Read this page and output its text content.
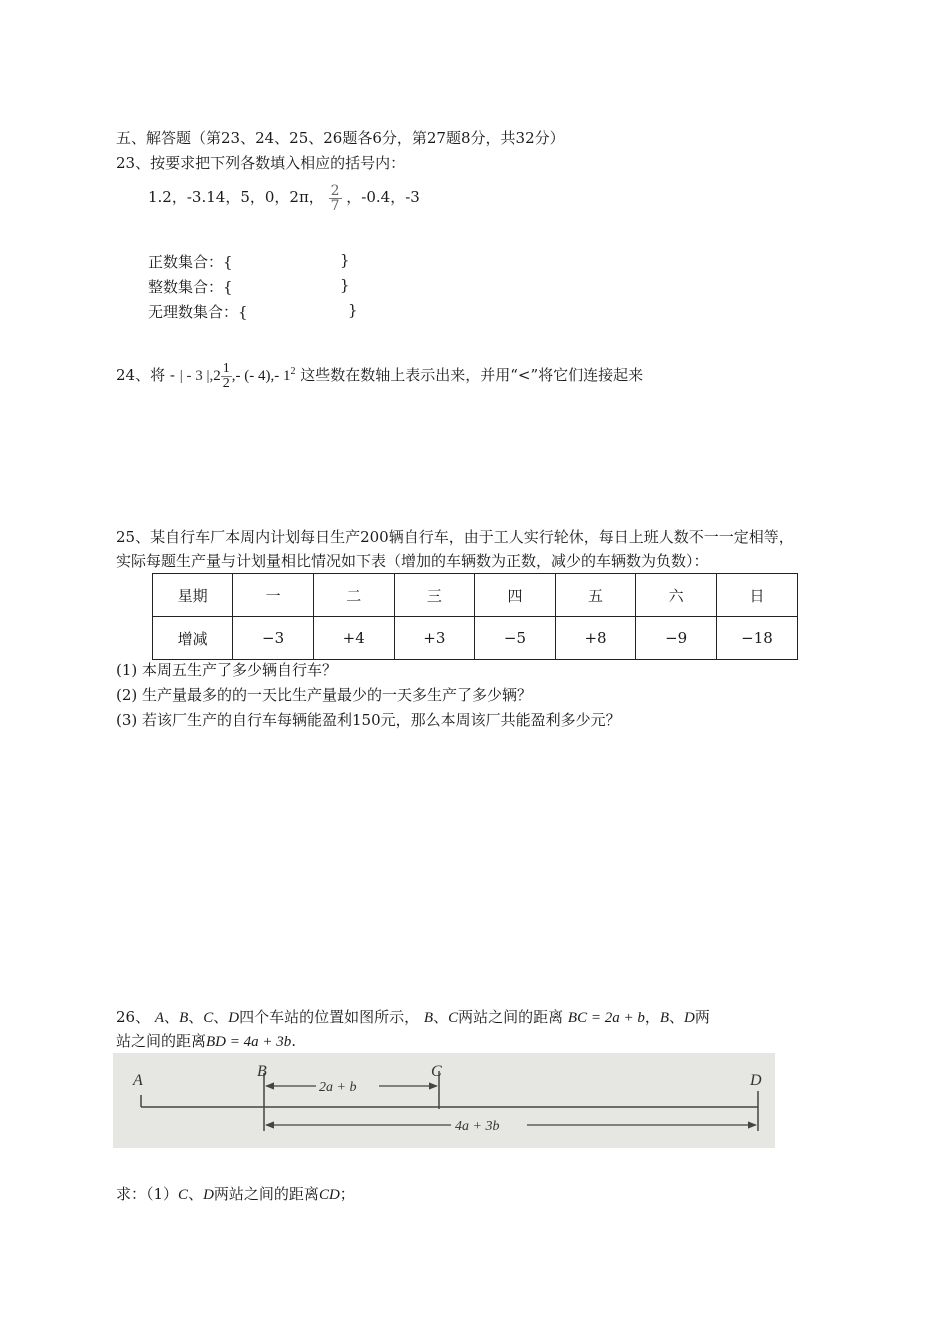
五、解答题（第23、24、25、26题各6分，第27题8分，共32分）
23、按要求把下列各数填入相应的括号内：
1.2，-3.14，5，0，2π， $\frac{2}{7}$ ，-0.4，-3
正数集合：{	}
整数集合：{	}
无理数集合：{	}
24、将 - | - 3 $|,2 \frac{1}{2}$ ,- (- 4),- $1^2$ 这些数在数轴上表示出来，并用“<”将它们连接起来
25、某自行车厂本周内计划每日生产200辆自行车，由于工人实行轮休，每日上班人数不一一定相等，
实际每题生产量与计划量相比情况如下表（增加的车辆数为正数，减少的车辆数为负数）：
星期	一	二	三	四	五	六	日
增减	−3	+4	+3	−5	+8	−9	−18
(1) 本周五生产了多少辆自行车？
(2) 生产量最多的的一天比生产量最少的一天多生产了多少辆？
(3) 若该厂生产的自行车每辆能盈利150元，那么本周该厂共能盈利多少元？
26、 A、B、C、D四个车站的位置如图所示， B、C两站之间的距离 BC = 2a + b，B、D两
站之间的距离BD = 4a + 3b.
A
B	C
D
2a + b
4a + 3b
求：（1）C、D两站之间的距离CD；
